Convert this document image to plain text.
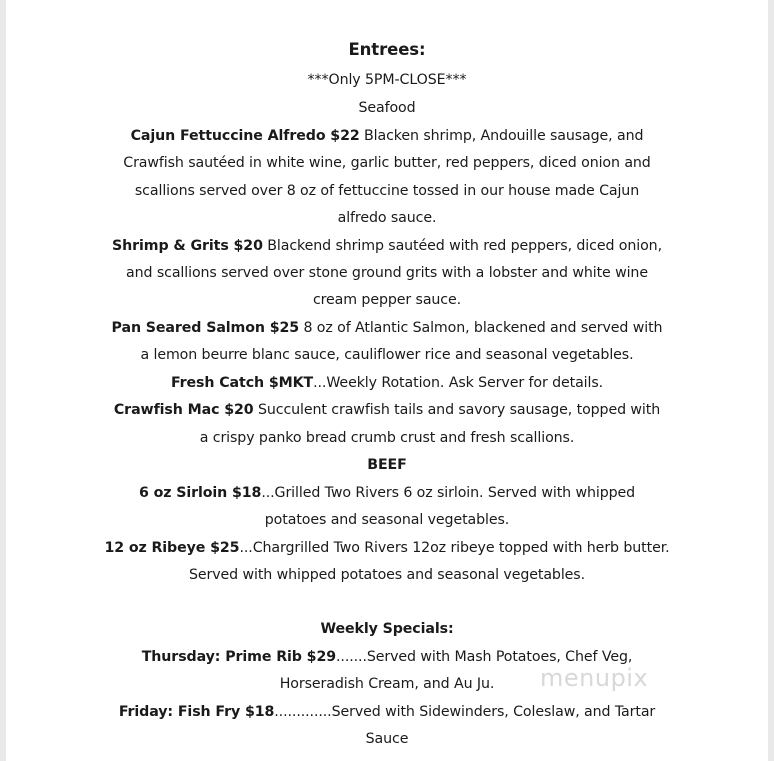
Entrees:
***Only 5PM-CLOSE***
Seafood
Cajun Fettuccine Alfredo $22 Blacken shrimp, Andouille sausage, and
Crawfish sautéed in white wine, garlic butter, red peppers, diced onion and
scallions served over 8 oz of fettuccine tossed in our house made Cajun
alfredo sauce.
Shrimp & Grits $20 Blackend shrimp sautéed with red peppers, diced onion,
and scallions served over stone ground grits with a lobster and white wine
cream pepper sauce.
Pan Seared Salmon $25 8 oz of Atlantic Salmon, blackened and served with
a lemon beurre blanc sauce, cauliflower rice and seasonal vegetables.
Fresh Catch $MKT...Weekly Rotation. Ask Server for details.
Crawfish Mac $20 Succulent crawfish tails and savory sausage, topped with
a crispy panko bread crumb crust and fresh scallions.
BEEF
6 oz Sirloin $18...Grilled Two Rivers 6 oz sirloin. Served with whipped
potatoes and seasonal vegetables.
12 oz Ribeye $25...Chargrilled Two Rivers 12oz ribeye topped with herb butter.
Served with whipped potatoes and seasonal vegetables.
Weekly Specials:
Thursday: Prime Rib $29.......Served with Mash Potatoes, Chef Veg,
Horseradish Cream, and Au Ju.
Friday: Fish Fry $18.............Served with Sidewinders, Coleslaw, and Tartar
Sauce
menupix
